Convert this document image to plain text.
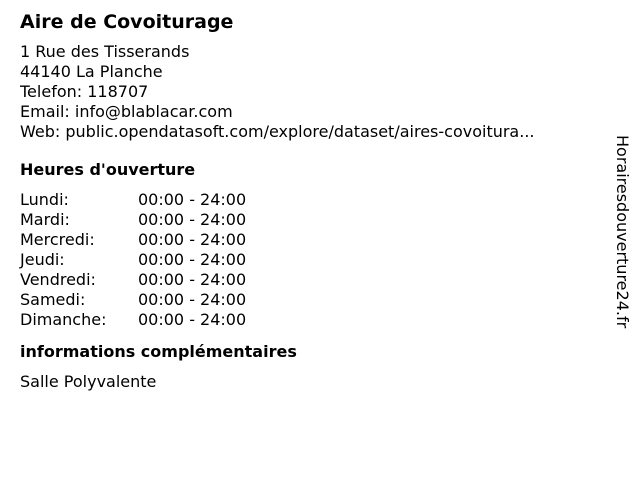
Aire de Covoiturage
1 Rue des Tisserands
44140 La Planche
Telefon: 118707
Email: info@blablacar.com
Web: public.opendatasoft.com/explore/dataset/aires-covoitura...
Heures d'ouverture
Lundi:	00:00 - 24:00
Mardi:	00:00 - 24:00
Mercredi:	00:00 - 24:00
Jeudi:	00:00 - 24:00
Vendredi:	00:00 - 24:00
Samedi:	00:00 - 24:00
Dimanche:	00:00 - 24:00
informations complémentaires
Salle Polyvalente
Horairesdouverture24.fr
